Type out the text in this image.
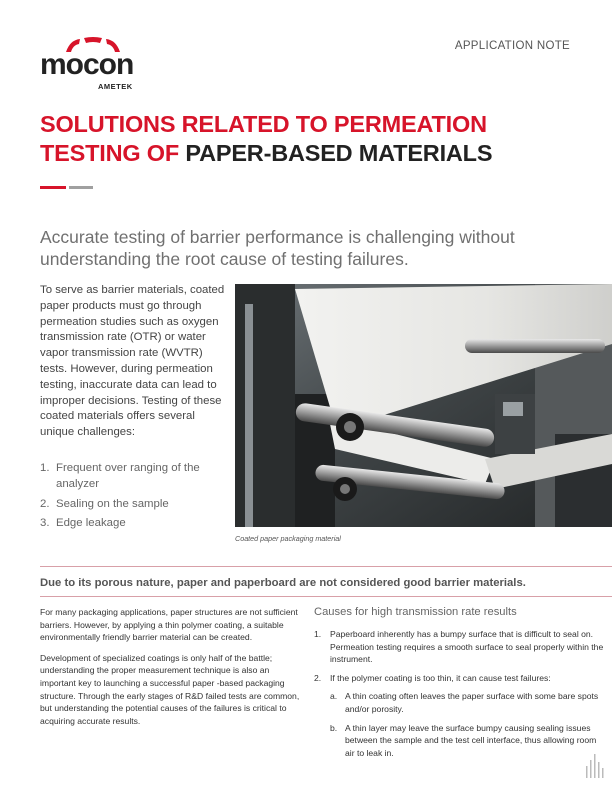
mocon
AMETEK
APPLICATION NOTE
SOLUTIONS RELATED TO PERMEATION
TESTING OF PAPER-BASED MATERIALS
Accurate testing of barrier performance is challenging without understanding the root cause of testing failures.
To serve as barrier materials, coated paper products must go through permeation studies such as oxygen transmission rate (OTR) or water vapor transmission rate (WVTR) tests. However, during permeation testing, inaccurate data can lead to improper decisions. Testing of these coated materials offers several unique challenges:
1. Frequent over ranging of the analyzer
2. Sealing on the sample
3. Edge leakage
Coated paper packaging material
Due to its porous nature, paper and paperboard are not considered good barrier materials.

For many packaging applications, paper structures are not sufficient barriers. However, by applying a thin polymer coating, a suitable environmentally friendly barrier material can be created.

Development of specialized coatings is only half of the battle; understanding the proper measurement technique is also an important key to launching a successful paper -based packaging structure. Through the early stages of R&D failed tests are common, but understanding the potential causes of the failures is critical to acquiring accurate results.

Causes for high transmission rate results
1. Paperboard inherently has a bumpy surface that is difficult to seal on. Permeation testing requires a smooth surface to seal properly within the instrument.
2. If the polymer coating is too thin, it can cause test failures:
a. A thin coating often leaves the paper surface with some bare spots and/or porosity.
b. A thin layer may leave the surface bumpy causing sealing issues between the sample and the test cell interface, thus allowing room air to leak in.
